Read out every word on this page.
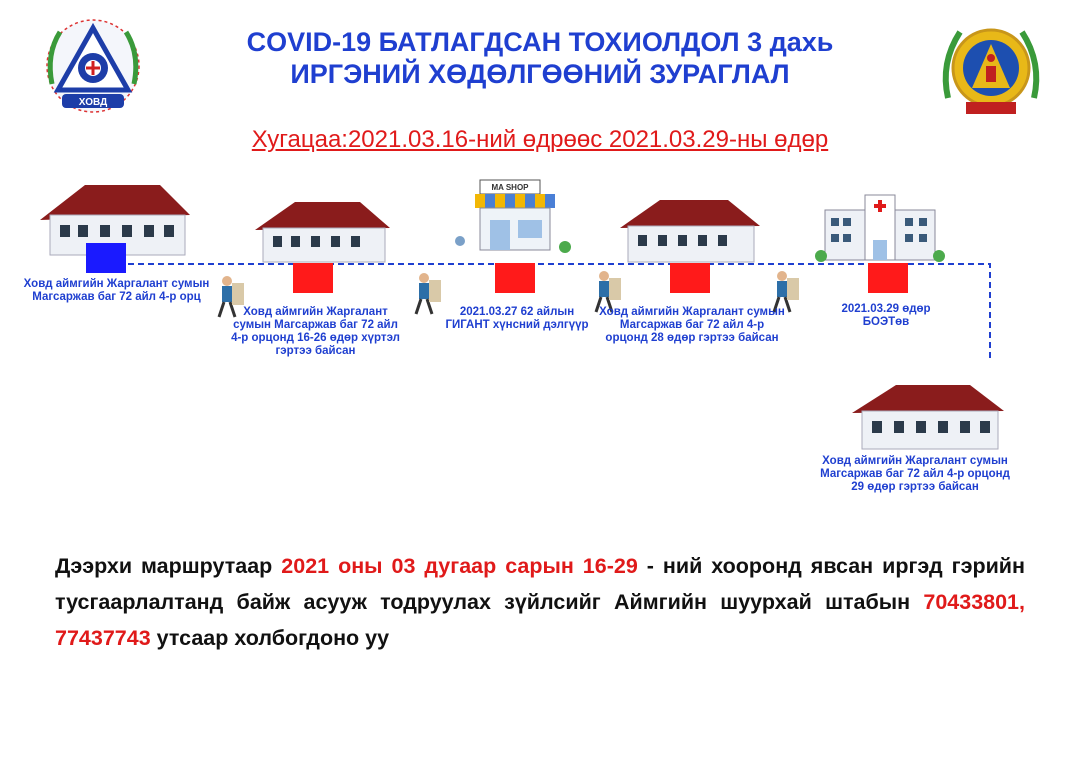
COVID-19 БАТЛАГДСАН ТОХИОЛДОЛ 3 дахь
ИРГЭНИЙ ХӨДӨЛГӨӨНИЙ ЗУРАГЛАЛ
Хугацаа:2021.03.16-ний өдрөөс 2021.03.29-ны өдөр
ХОВД
MA SHOP
Ховд аймгийн Жаргалант сумын Магсаржав баг 72 айл 4-р орц
Ховд аймгийн Жаргалант сумын Магсаржав баг 72 айл 4-р орцонд 16-26 өдөр хүртэл гэртээ байсан
2021.03.27 62 айлын ГИГАНТ хүнсний дэлгүүр
Ховд аймгийн Жаргалант сумын Магсаржав баг 72 айл 4-р орцонд 28 өдөр гэртээ байсан
2021.03.29 өдөр БОЭТөв
Ховд аймгийн Жаргалант сумын Магсаржав баг 72 айл 4-р орцонд 29 өдөр гэртээ байсан
Дээрхи маршрутаар 2021 оны 03 дугаар сарын 16-29 - ний хооронд явсан иргэд гэрийн тусгаарлалтанд байж асууж тодруулах зүйлсийг Аймгийн шуурхай штабын 70433801, 77437743 утсаар холбогдоно уу
